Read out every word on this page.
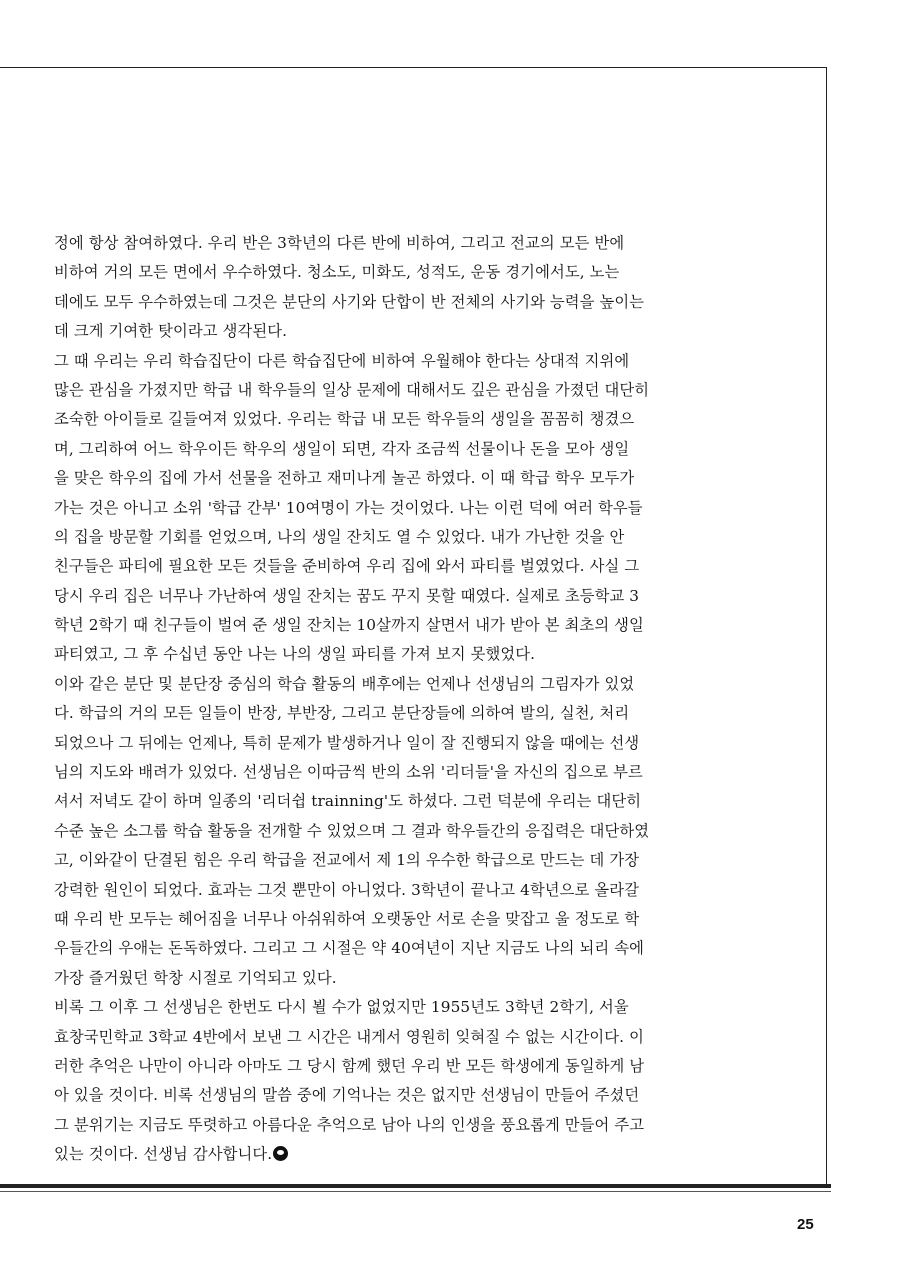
정에 항상 참여하였다. 우리 반은 3학년의 다른 반에 비하여, 그리고 전교의 모든 반에
비하여 거의 모든 면에서 우수하였다. 청소도, 미화도, 성적도, 운동 경기에서도, 노는
데에도 모두 우수하였는데 그것은 분단의 사기와 단합이 반 전체의 사기와 능력을 높이는
데 크게 기여한 탓이라고 생각된다.
그 때 우리는 우리 학습집단이 다른 학습집단에 비하여 우월해야 한다는 상대적 지위에
많은 관심을 가졌지만 학급 내 학우들의 일상 문제에 대해서도 깊은 관심을 가졌던 대단히
조숙한 아이들로 길들여져 있었다. 우리는 학급 내 모든 학우들의 생일을 꼼꼼히 챙겼으
며, 그리하여 어느 학우이든 학우의 생일이 되면, 각자 조금씩 선물이나 돈을 모아 생일
을 맞은 학우의 집에 가서 선물을 전하고 재미나게 놀곤 하였다. 이 때 학급 학우 모두가
가는 것은 아니고 소위 '학급 간부' 10여명이 가는 것이었다. 나는 이런 덕에 여러 학우들
의 집을 방문할 기회를 얻었으며, 나의 생일 잔치도 열 수 있었다. 내가 가난한 것을 안
친구들은 파티에 필요한 모든 것들을 준비하여 우리 집에 와서 파티를 벌였었다. 사실 그
당시 우리 집은 너무나 가난하여 생일 잔치는 꿈도 꾸지 못할 때였다. 실제로 초등학교 3
학년 2학기 때 친구들이 벌여 준 생일 잔치는 10살까지 살면서 내가 받아 본 최초의 생일
파티였고, 그 후 수십년 동안 나는 나의 생일 파티를 가져 보지 못했었다.
이와 같은 분단 및 분단장 중심의 학습 활동의 배후에는 언제나 선생님의 그림자가 있었
다. 학급의 거의 모든 일들이 반장, 부반장, 그리고 분단장들에 의하여 발의, 실천, 처리
되었으나 그 뒤에는 언제나, 특히 문제가 발생하거나 일이 잘 진행되지 않을 때에는 선생
님의 지도와 배려가 있었다. 선생님은 이따금씩 반의 소위 '리더들'을 자신의 집으로 부르
셔서 저녁도 같이 하며 일종의 '리더쉽 trainning'도 하셨다. 그런 덕분에 우리는 대단히
수준 높은 소그룹 학습 활동을 전개할 수 있었으며 그 결과 학우들간의 응집력은 대단하였
고, 이와같이 단결된 힘은 우리 학급을 전교에서 제 1의 우수한 학급으로 만드는 데 가장
강력한 원인이 되었다. 효과는 그것 뿐만이 아니었다. 3학년이 끝나고 4학년으로 올라갈
때 우리 반 모두는 헤어짐을 너무나 아쉬워하여 오랫동안 서로 손을 맞잡고 울 정도로 학
우들간의 우애는 돈독하였다. 그리고 그 시절은 약 40여년이 지난 지금도 나의 뇌리 속에
가장 즐거웠던 학창 시절로 기억되고 있다.
비록 그 이후 그 선생님은 한번도 다시 뵐 수가 없었지만 1955년도 3학년 2학기, 서울
효창국민학교 3학교 4반에서 보낸 그 시간은 내게서 영원히 잊혀질 수 없는 시간이다. 이
러한 추억은 나만이 아니라 아마도 그 당시 함께 했던 우리 반 모든 학생에게 동일하게 남
아 있을 것이다. 비록 선생님의 말씀 중에 기억나는 것은 없지만 선생님이 만들어 주셨던
그 분위기는 지금도 뚜렷하고 아름다운 추억으로 남아 나의 인생을 풍요롭게 만들어 주고
있는 것이다. 선생님 감사합니다.
25
